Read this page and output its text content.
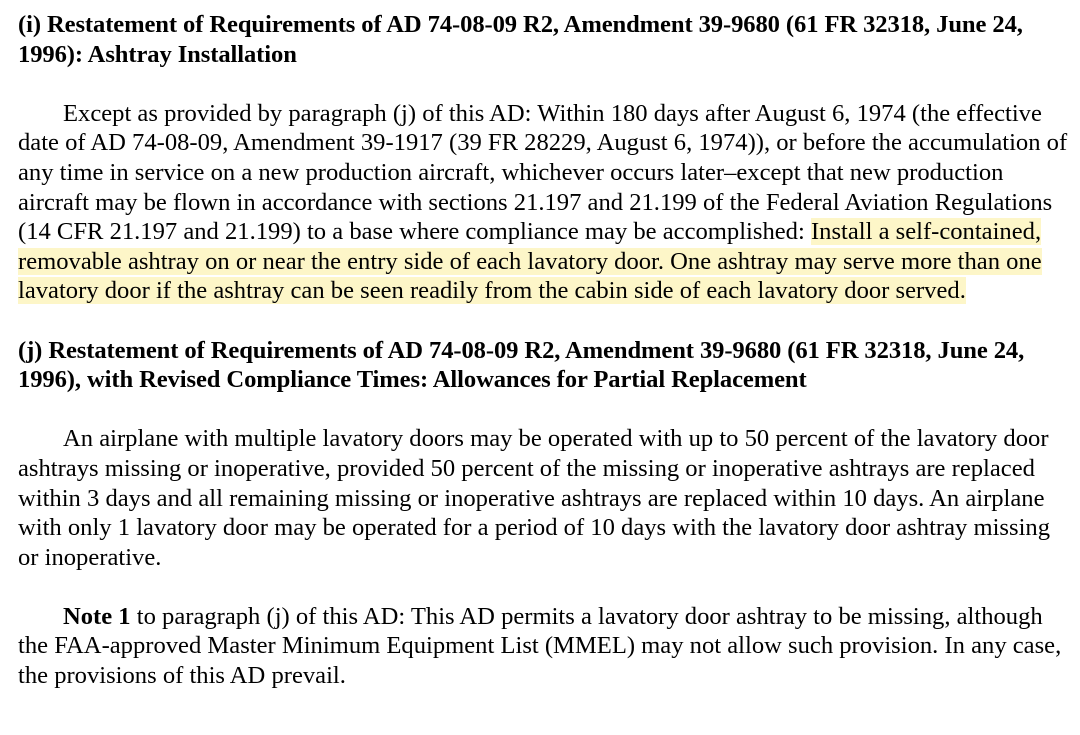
(i) Restatement of Requirements of AD 74-08-09 R2, Amendment 39-9680 (61 FR 32318, June 24, 1996): Ashtray Installation

Except as provided by paragraph (j) of this AD: Within 180 days after August 6, 1974 (the effective date of AD 74-08-09, Amendment 39-1917 (39 FR 28229, August 6, 1974)), or before the accumulation of any time in service on a new production aircraft, whichever occurs later–except that new production aircraft may be flown in accordance with sections 21.197 and 21.199 of the Federal Aviation Regulations (14 CFR 21.197 and 21.199) to a base where compliance may be accomplished: Install a self-contained, removable ashtray on or near the entry side of each lavatory door. One ashtray may serve more than one lavatory door if the ashtray can be seen readily from the cabin side of each lavatory door served.

(j) Restatement of Requirements of AD 74-08-09 R2, Amendment 39-9680 (61 FR 32318, June 24, 1996), with Revised Compliance Times: Allowances for Partial Replacement

An airplane with multiple lavatory doors may be operated with up to 50 percent of the lavatory door ashtrays missing or inoperative, provided 50 percent of the missing or inoperative ashtrays are replaced within 3 days and all remaining missing or inoperative ashtrays are replaced within 10 days. An airplane with only 1 lavatory door may be operated for a period of 10 days with the lavatory door ashtray missing or inoperative.

Note 1 to paragraph (j) of this AD: This AD permits a lavatory door ashtray to be missing, although the FAA-approved Master Minimum Equipment List (MMEL) may not allow such provision. In any case, the provisions of this AD prevail.
